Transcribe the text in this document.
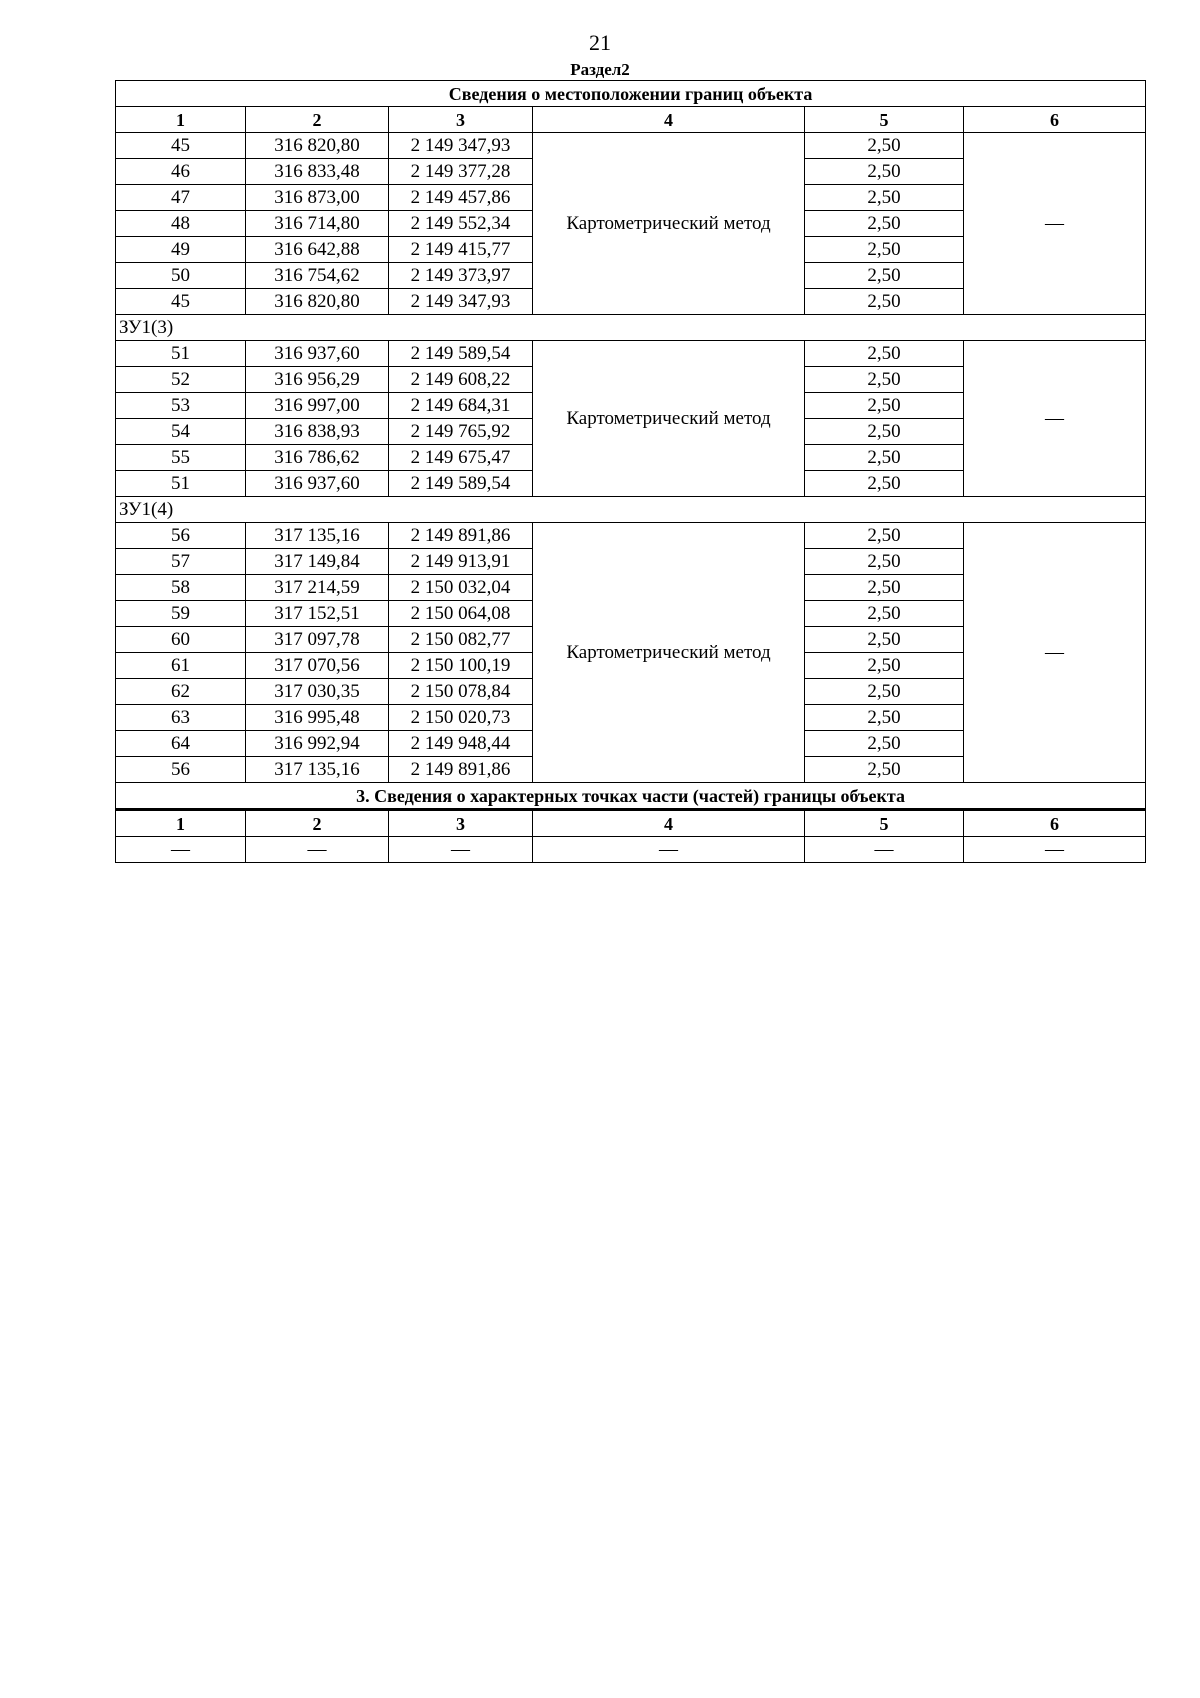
21
Раздел2
Сведения о местоположении границ объекта					
1	2	3	4	5	6
45	316 820,80	2 149 347,93	Картометрический метод	2,50	—
46	316 833,48	2 149 377,28		2,50	
47	316 873,00	2 149 457,86		2,50	
48	316 714,80	2 149 552,34		2,50	
49	316 642,88	2 149 415,77		2,50	
50	316 754,62	2 149 373,97		2,50	
45	316 820,80	2 149 347,93		2,50	
ЗУ1(3)					
51	316 937,60	2 149 589,54	Картометрический метод	2,50	—
52	316 956,29	2 149 608,22		2,50	
53	316 997,00	2 149 684,31		2,50	
54	316 838,93	2 149 765,92		2,50	
55	316 786,62	2 149 675,47		2,50	
51	316 937,60	2 149 589,54		2,50	
ЗУ1(4)					
56	317 135,16	2 149 891,86	Картометрический метод	2,50	—
57	317 149,84	2 149 913,91		2,50	
58	317 214,59	2 150 032,04		2,50	
59	317 152,51	2 150 064,08		2,50	
60	317 097,78	2 150 082,77		2,50	
61	317 070,56	2 150 100,19		2,50	
62	317 030,35	2 150 078,84		2,50	
63	316 995,48	2 150 020,73		2,50	
64	316 992,94	2 149 948,44		2,50	
56	317 135,16	2 149 891,86		2,50	
3. Сведения о характерных точках части (частей) границы объекта					
1	2	3	4	5	6
—	—	—	—	—	—
